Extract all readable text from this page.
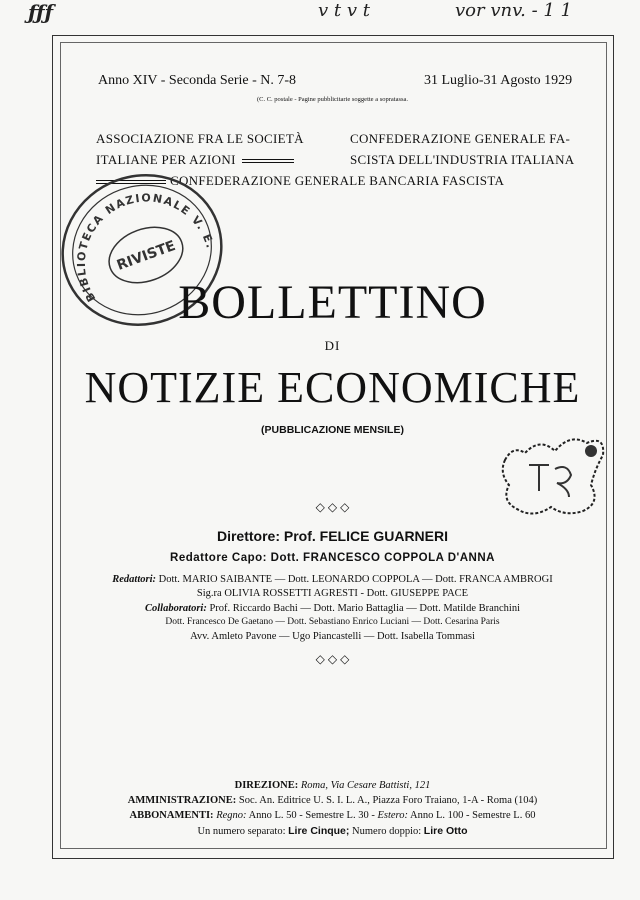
ƒƒƒ	v t v t	vor vnv. - 1 1
Anno XIV - Seconda Serie - N. 7-8	31 Luglio-31 Agosto 1929
(C. C. postale - Pagine pubblicitarie soggette a sopratassa.
ASSOCIAZIONE FRA LE SOCIETÀ
ITALIANE PER AZIONI
CONFEDERAZIONE GENERALE FA-
SCISTA DELL'INDUSTRIA ITALIANA
CONFEDERAZIONE GENERALE BANCARIA FASCISTA
BIBLIOTECA NAZIONALE V. E.
RIVISTE
BOLLETTINO
DI
NOTIZIE ECONOMICHE
(PUBBLICAZIONE MENSILE)
◇ ◇ ◇
Direttore: Prof. FELICE GUARNERI
Redattore Capo: Dott. FRANCESCO COPPOLA D'ANNA
Redattori: Dott. MARIO SAIBANTE — Dott. LEONARDO COPPOLA — Dott. FRANCA AMBROGI
Sig.ra OLIVIA ROSSETTI AGRESTI - Dott. GIUSEPPE PACE
Collaboratori: Prof. Riccardo Bachi — Dott. Mario Battaglia — Dott. Matilde Branchini
Dott. Francesco De Gaetano — Dott. Sebastiano Enrico Luciani — Dott. Cesarina Paris
Avv. Amleto Pavone — Ugo Piancastelli — Dott. Isabella Tommasi
◇ ◇ ◇
DIREZIONE: Roma, Via Cesare Battisti, 121
AMMINISTRAZIONE: Soc. An. Editrice U. S. I. L. A., Piazza Foro Traiano, 1-A - Roma (104)
ABBONAMENTI: Regno: Anno L. 50 - Semestre L. 30 - Estero: Anno L. 100 - Semestre L. 60
Un numero separato: Lire Cinque; Numero doppio: Lire Otto
